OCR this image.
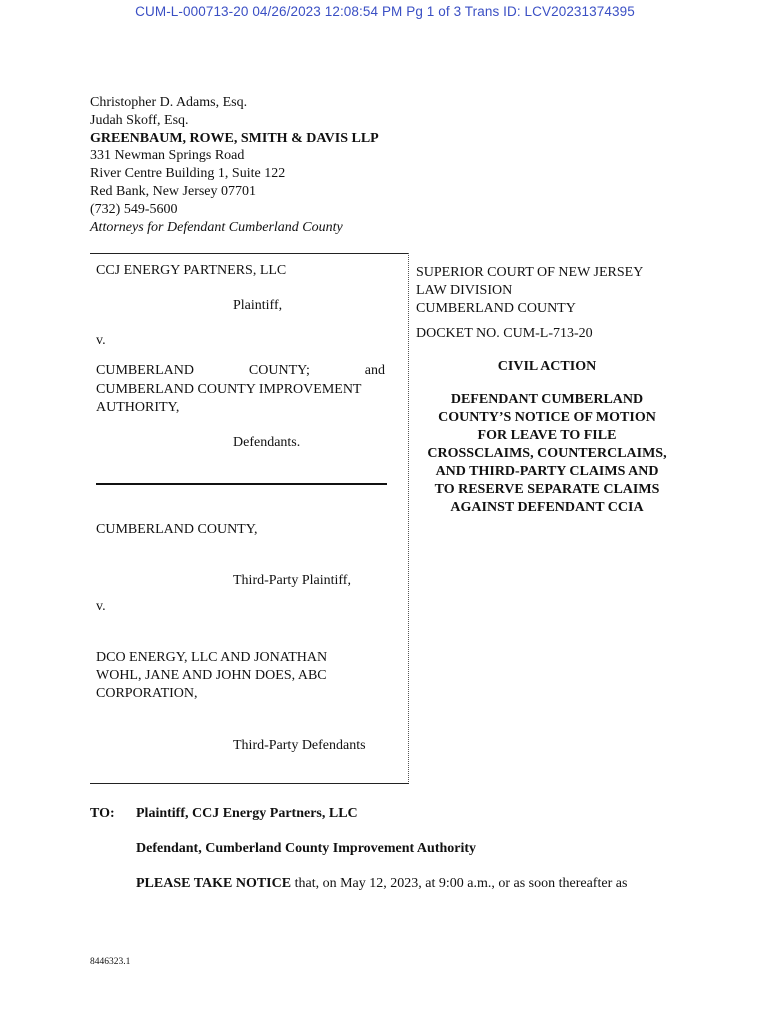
CUM-L-000713-20 04/26/2023 12:08:54 PM Pg 1 of 3 Trans ID: LCV20231374395
Christopher D. Adams, Esq.
Judah Skoff, Esq.
GREENBAUM, ROWE, SMITH & DAVIS LLP
331 Newman Springs Road
River Centre Building 1, Suite 122
Red Bank, New Jersey 07701
(732) 549-5600
Attorneys for Defendant Cumberland County
CCJ ENERGY PARTNERS, LLC
Plaintiff,
v.
CUMBERLAND	COUNTY;	and
CUMBERLAND COUNTY IMPROVEMENT
AUTHORITY,
Defendants.
CUMBERLAND COUNTY,
Third-Party Plaintiff,
v.
DCO ENERGY, LLC AND JONATHAN
WOHL, JANE AND JOHN DOES, ABC
CORPORATION,
Third-Party Defendants
SUPERIOR COURT OF NEW JERSEY
LAW DIVISION
CUMBERLAND COUNTY
DOCKET NO. CUM-L-713-20
CIVIL ACTION
DEFENDANT CUMBERLAND
COUNTY’S NOTICE OF MOTION
FOR LEAVE TO FILE
CROSSCLAIMS, COUNTERCLAIMS,
AND THIRD-PARTY CLAIMS AND
TO RESERVE SEPARATE CLAIMS
AGAINST DEFENDANT CCIA
TO: Plaintiff, CCJ Energy Partners, LLC
Defendant, Cumberland County Improvement Authority
PLEASE TAKE NOTICE that, on May 12, 2023, at 9:00 a.m., or as soon thereafter as
8446323.1
